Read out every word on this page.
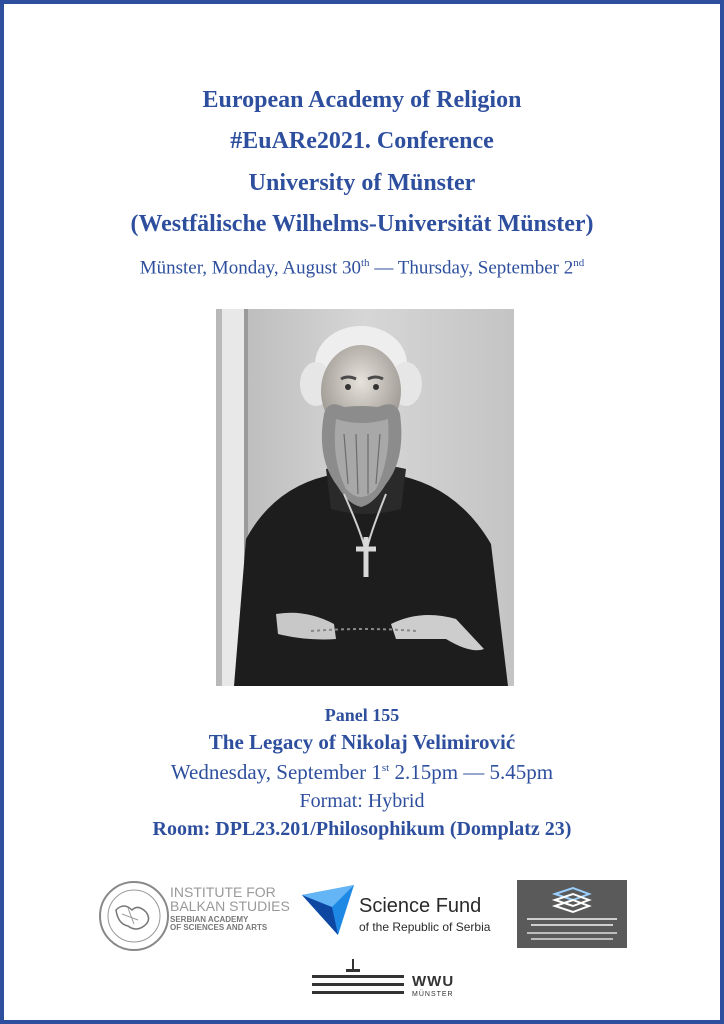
European Academy of Religion
#EuARe2021. Conference
University of Münster
(Westfälische Wilhelms-Universität Münster)
Münster, Monday, August 30th — Thursday, September 2nd
Panel 155
The Legacy of Nikolaj Velimirović
Wednesday, September 1st 2.15pm — 5.45pm
Format: Hybrid
Room: DPL23.201/Philosophikum (Domplatz 23)
INSTITUTE FOR
BALKAN STUDIES
SERBIAN ACADEMY
OF SCIENCES AND ARTS
Science Fund
of the Republic of Serbia
WWU
MÜNSTER
